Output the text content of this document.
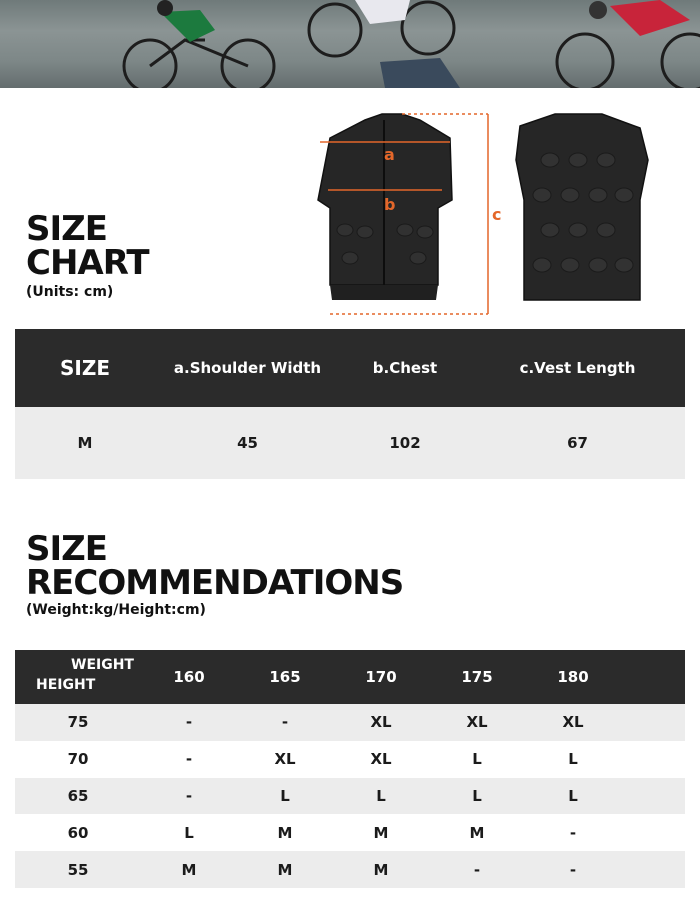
SIZE
CHART
(Units: cm)
a
b
c
SIZE	a.Shoulder Width	b.Chest	c.Vest Length
M	45	102	67
SIZE
RECOMMENDATIONS
(Weight:kg/Height:cm)
WEIGHT
HEIGHT	160	165	170	175	180
75	-	-	XL	XL	XL
70	-	XL	XL	L	L
65	-	L	L	L	L
60	L	M	M	M	-
55	M	M	M	-	-
